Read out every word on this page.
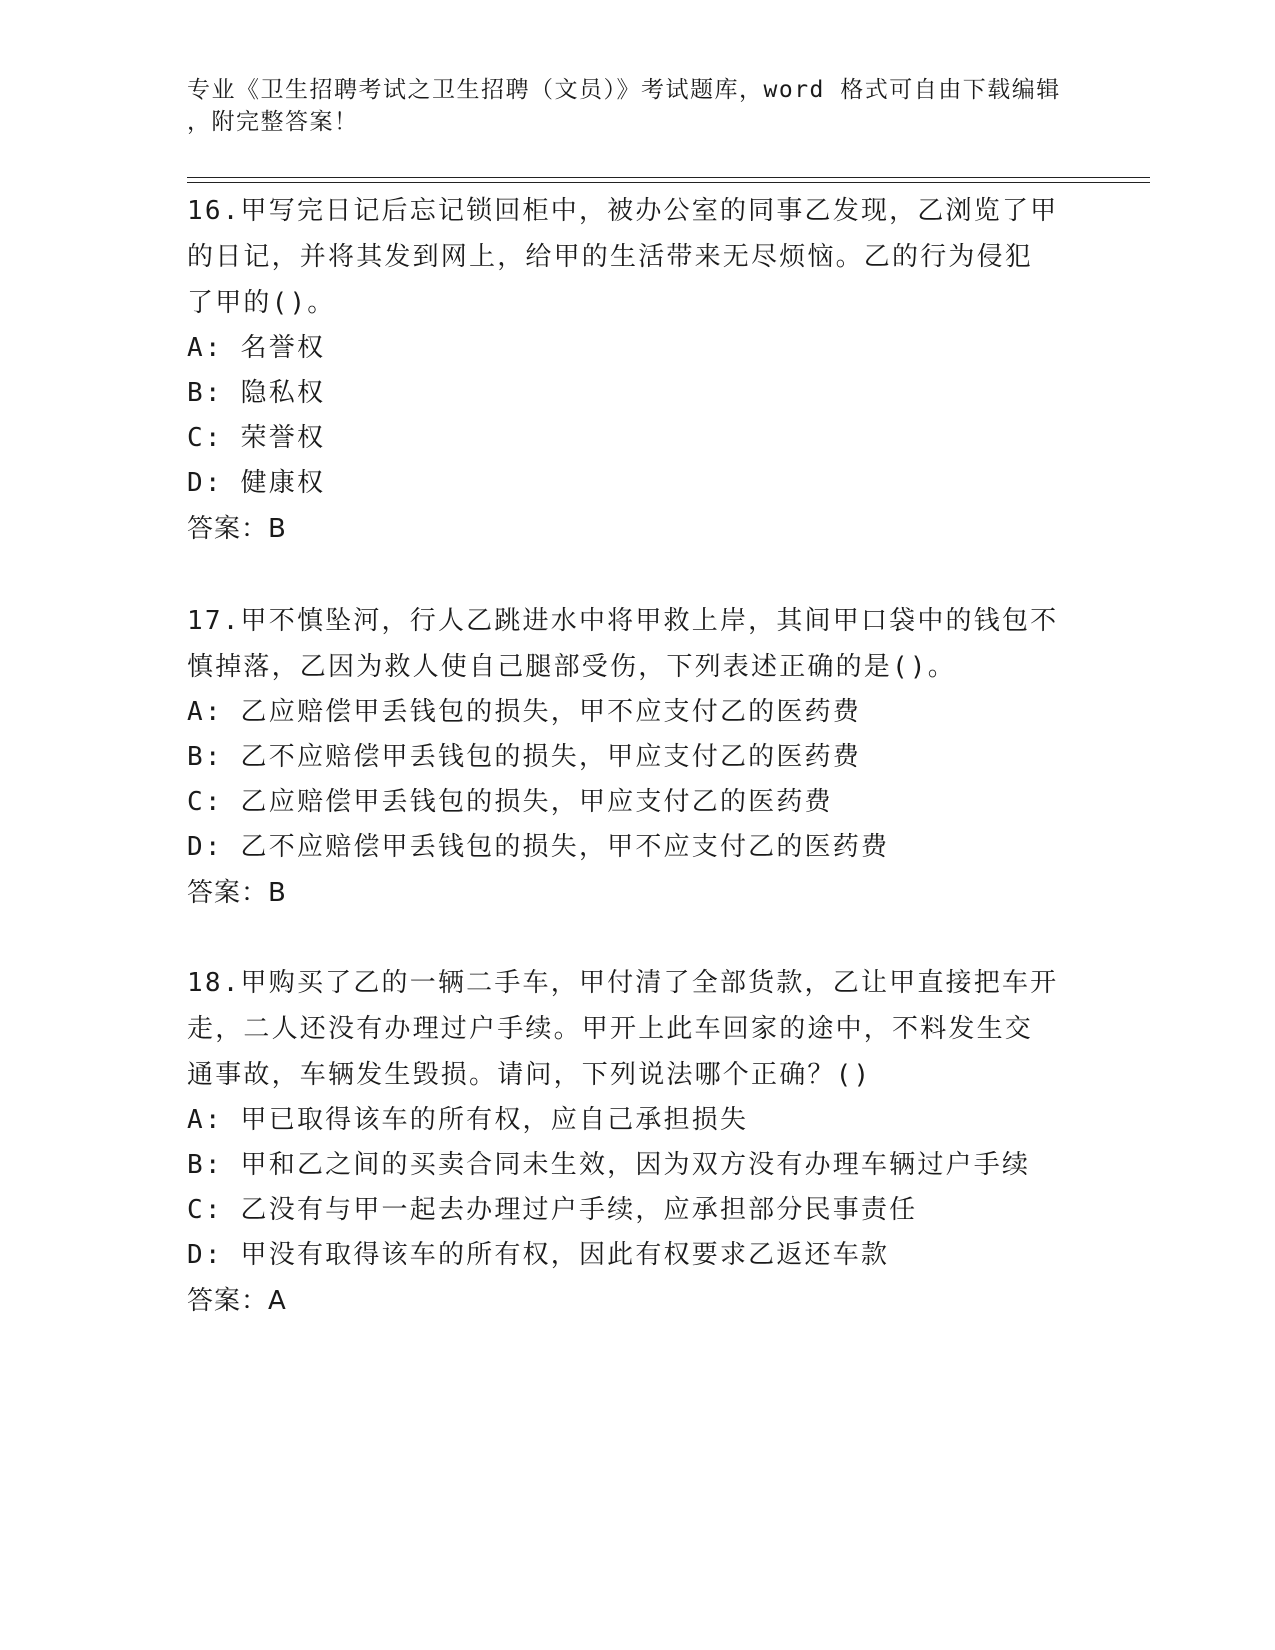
专业《卫生招聘考试之卫生招聘（文员）》考试题库，word 格式可自由下载编辑
，附完整答案！
16.甲写完日记后忘记锁回柜中，被办公室的同事乙发现，乙浏览了甲
的日记，并将其发到网上，给甲的生活带来无尽烦恼。乙的行为侵犯
了甲的()。
A: 名誉权
B: 隐私权
C: 荣誉权
D: 健康权
答案：B
17.甲不慎坠河，行人乙跳进水中将甲救上岸，其间甲口袋中的钱包不
慎掉落，乙因为救人使自己腿部受伤，下列表述正确的是()。
A: 乙应赔偿甲丢钱包的损失，甲不应支付乙的医药费
B: 乙不应赔偿甲丢钱包的损失，甲应支付乙的医药费
C: 乙应赔偿甲丢钱包的损失，甲应支付乙的医药费
D: 乙不应赔偿甲丢钱包的损失，甲不应支付乙的医药费
答案：B
18.甲购买了乙的一辆二手车，甲付清了全部货款，乙让甲直接把车开
走，二人还没有办理过户手续。甲开上此车回家的途中，不料发生交
通事故，车辆发生毁损。请问，下列说法哪个正确？()
A: 甲已取得该车的所有权，应自己承担损失
B: 甲和乙之间的买卖合同未生效，因为双方没有办理车辆过户手续
C: 乙没有与甲一起去办理过户手续，应承担部分民事责任
D: 甲没有取得该车的所有权，因此有权要求乙返还车款
答案：A
